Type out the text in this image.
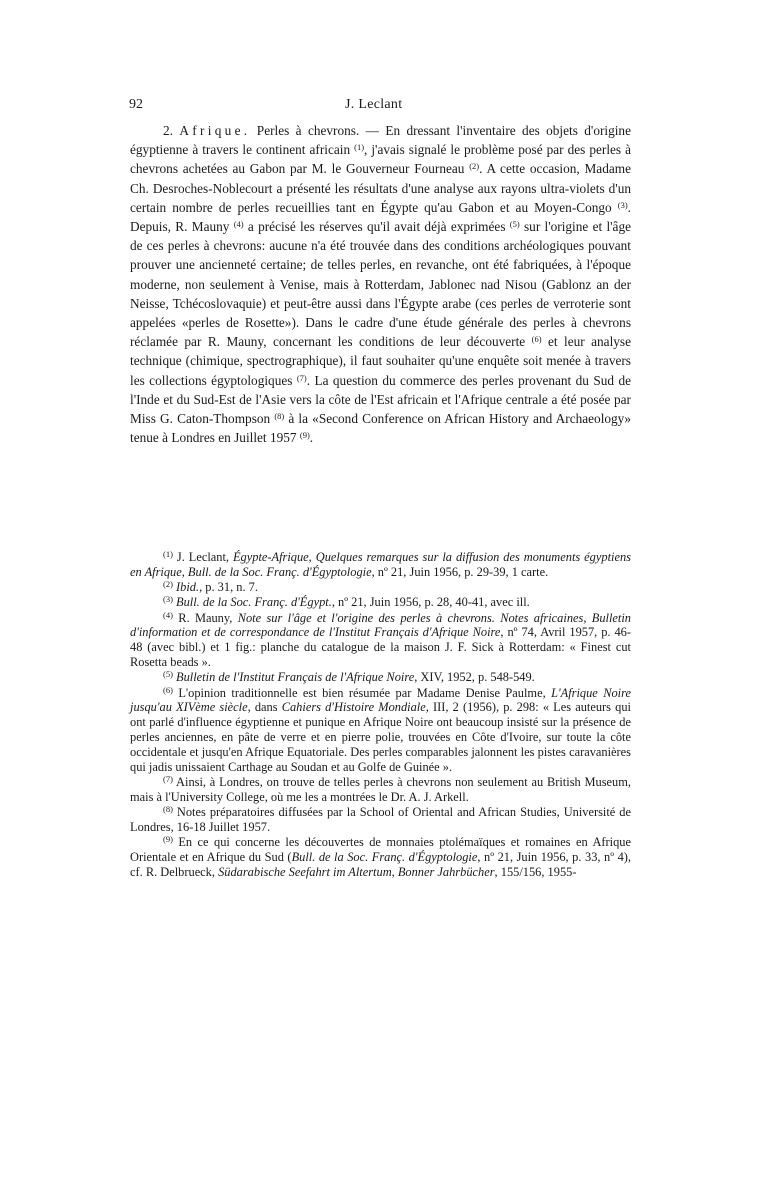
92	J. Leclant

2. Afrique. Perles à chevrons. — En dressant l'inventaire des objets d'origine égyptienne à travers le continent africain $^{(1)}$, j'avais signalé le problème posé par des perles à chevrons achetées au Gabon par M. le Gouverneur Fourneau $^{(2)}$. A cette occasion, Madame Ch. Desroches-Noblecourt a présenté les résultats d'une analyse aux rayons ultra-violets d'un certain nombre de perles recueillies tant en Égypte qu'au Gabon et au Moyen-Congo $^{(3)}$. Depuis, R. Mauny $^{(4)}$ a précisé les réserves qu'il avait déjà exprimées $^{(5)}$ sur l'origine et l'âge de ces perles à chevrons: aucune n'a été trouvée dans des conditions archéologiques pouvant prouver une ancienneté certaine; de telles perles, en revanche, ont été fabriquées, à l'époque moderne, non seulement à Venise, mais à Rotterdam, Jablonec nad Nisou (Gablonz an der Neisse, Tchécoslovaquie) et peut-être aussi dans l'Égypte arabe (ces perles de verroterie sont appelées «perles de Rosette»). Dans le cadre d'une étude générale des perles à chevrons réclamée par R. Mauny, concernant les conditions de leur découverte $^{(6)}$ et leur analyse technique (chimique, spectrographique), il faut souhaiter qu'une enquête soit menée à travers les collections égyptologiques $^{(7)}$. La question du commerce des perles provenant du Sud de l'Inde et du Sud-Est de l'Asie vers la côte de l'Est africain et l'Afrique centrale a été posée par Miss G. Caton-Thompson $^{(8)}$ à la «Second Conference on African History and Archaeology» tenue à Londres en Juillet 1957 $^{(9)}$.

$^{(1)}$ J. Leclant, Égypte-Afrique, Quelques remarques sur la diffusion des monuments égyptiens en Afrique, Bull. de la Soc. Franç. d'Égyptologie, nº 21, Juin 1956, p. 29-39, 1 carte.

$^{(2)}$ Ibid., p. 31, n. 7.

$^{(3)}$ Bull. de la Soc. Franç. d'Égypt., nº 21, Juin 1956, p. 28, 40-41, avec ill.

$^{(4)}$ R. Mauny, Note sur l'âge et l'origine des perles à chevrons. Notes africaines, Bulletin d'information et de correspondance de l'Institut Français d'Afrique Noire, nº 74, Avril 1957, p. 46-48 (avec bibl.) et 1 fig.: planche du catalogue de la maison J. F. Sick à Rotterdam: « Finest cut Rosetta beads ».

$^{(5)}$ Bulletin de l'Institut Français de l'Afrique Noire, XIV, 1952, p. 548-549.

$^{(6)}$ L'opinion traditionnelle est bien résumée par Madame Denise Paulme, L'Afrique Noire jusqu'au XIVème siècle, dans Cahiers d'Histoire Mondiale, III, 2 (1956), p. 298: « Les auteurs qui ont parlé d'influence égyptienne et punique en Afrique Noire ont beaucoup insisté sur la présence de perles anciennes, en pâte de verre et en pierre polie, trouvées en Côte d'Ivoire, sur toute la côte occidentale et jusqu'en Afrique Equatoriale. Des perles comparables jalonnent les pistes caravanières qui jadis unissaient Carthage au Soudan et au Golfe de Guinée ».

$^{(7)}$ Ainsi, à Londres, on trouve de telles perles à chevrons non seulement au British Museum, mais à l'University College, où me les a montrées le Dr. A. J. Arkell.

$^{(8)}$ Notes préparatoires diffusées par la School of Oriental and African Studies, Université de Londres, 16-18 Juillet 1957.

$^{(9)}$ En ce qui concerne les découvertes de monnaies ptolémaïques et romaines en Afrique Orientale et en Afrique du Sud (Bull. de la Soc. Franç. d'Égyptologie, nº 21, Juin 1956, p. 33, nº 4), cf. R. Delbrueck, Südarabische Seefahrt im Altertum, Bonner Jahrbücher, 155/156, 1955-
